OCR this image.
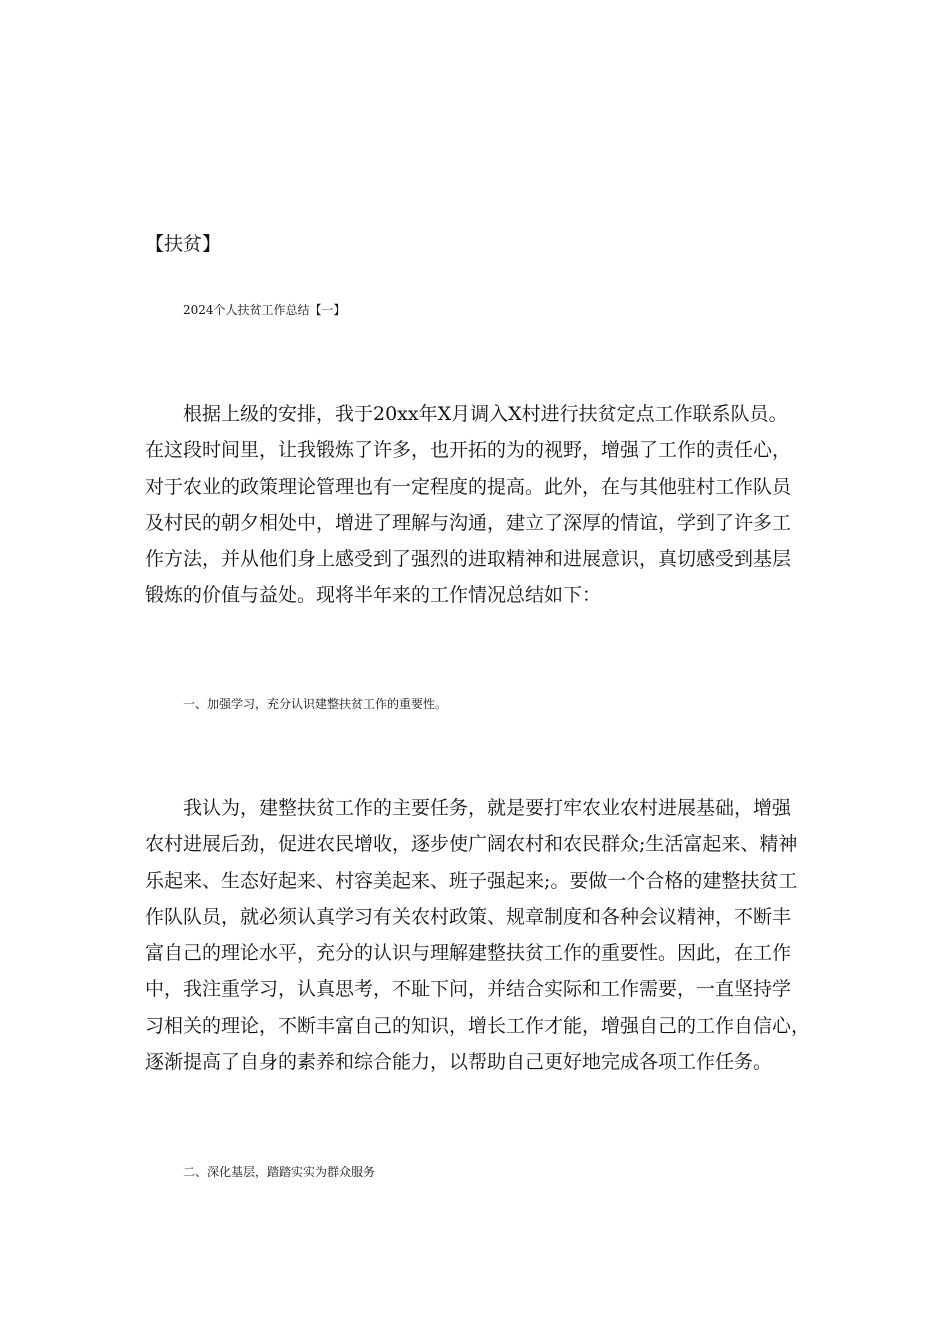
【扶贫】
2024个人扶贫工作总结【一】
根据上级的安排，我于20xx年X月调入X村进行扶贫定点工作联系队员。
在这段时间里，让我锻炼了许多，也开拓的为的视野，增强了工作的责任心，
对于农业的政策理论管理也有一定程度的提高。此外，在与其他驻村工作队员
及村民的朝夕相处中，增进了理解与沟通，建立了深厚的情谊，学到了许多工
作方法，并从他们身上感受到了强烈的进取精神和进展意识，真切感受到基层
锻炼的价值与益处。现将半年来的工作情况总结如下：
一、加强学习，充分认识建整扶贫工作的重要性。
我认为，建整扶贫工作的主要任务，就是要打牢农业农村进展基础，增强
农村进展后劲，促进农民增收，逐步使广阔农村和农民群众;生活富起来、精神
乐起来、生态好起来、村容美起来、班子强起来;。要做一个合格的建整扶贫工
作队队员，就必须认真学习有关农村政策、规章制度和各种会议精神，不断丰
富自己的理论水平，充分的认识与理解建整扶贫工作的重要性。因此，在工作
中，我注重学习，认真思考，不耻下问，并结合实际和工作需要，一直坚持学
习相关的理论，不断丰富自己的知识，增长工作才能，增强自己的工作自信心，
逐渐提高了自身的素养和综合能力，以帮助自己更好地完成各项工作任务。
二、深化基层，踏踏实实为群众服务
